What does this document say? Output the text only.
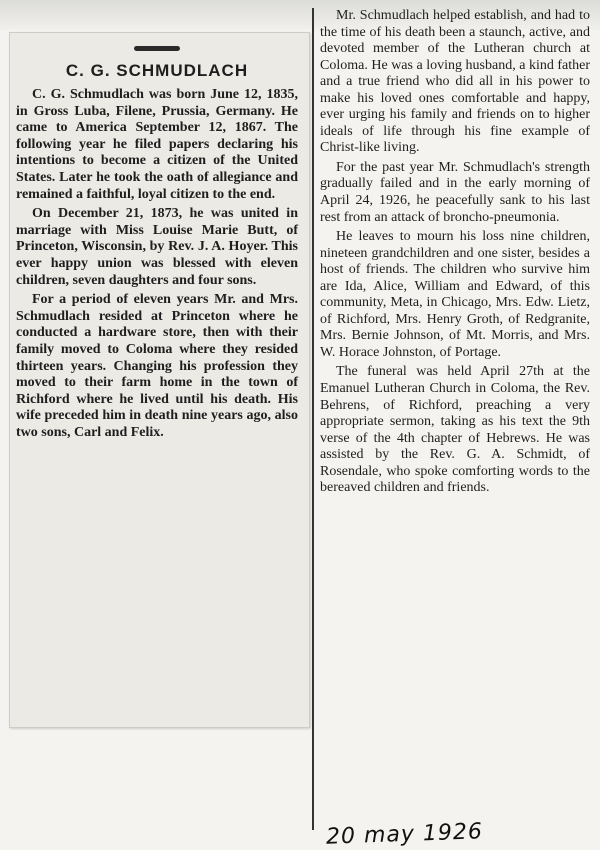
C. G. SCHMUDLACH

C. G. Schmudlach was born June 12, 1835, in Gross Luba, Filene, Prussia, Germany. He came to America September 12, 1867. The following year he filed papers declaring his intentions to become a citizen of the United States. Later he took the oath of allegiance and remained a faithful, loyal citizen to the end.

On December 21, 1873, he was united in marriage with Miss Louise Marie Butt, of Princeton, Wisconsin, by Rev. J. A. Hoyer. This ever happy union was blessed with eleven children, seven daughters and four sons.

For a period of eleven years Mr. and Mrs. Schmudlach resided at Princeton where he conducted a hardware store, then with their family moved to Coloma where they resided thirteen years. Changing his profession they moved to their farm home in the town of Richford where he lived until his death. His wife preceded him in death nine years ago, also two sons, Carl and Felix.

Mr. Schmudlach helped establish, and had to the time of his death been a staunch, active, and devoted member of the Lutheran church at Coloma. He was a loving husband, a kind father and a true friend who did all in his power to make his loved ones comfortable and happy, ever urging his family and friends on to higher ideals of life through his fine example of Christ-like living.

For the past year Mr. Schmudlach's strength gradually failed and in the early morning of April 24, 1926, he peacefully sank to his last rest from an attack of broncho-pneumonia.

He leaves to mourn his loss nine children, nineteen grandchildren and one sister, besides a host of friends. The children who survive him are Ida, Alice, William and Edward, of this community, Meta, in Chicago, Mrs. Edw. Lietz, of Richford, Mrs. Henry Groth, of Redgranite, Mrs. Bernie Johnson, of Mt. Morris, and Mrs. W. Horace Johnston, of Portage.

The funeral was held April 27th at the Emanuel Lutheran Church in Coloma, the Rev. Behrens, of Richford, preaching a very appropriate sermon, taking as his text the 9th verse of the 4th chapter of Hebrews. He was assisted by the Rev. G. A. Schmidt, of Rosendale, who spoke comforting words to the bereaved children and friends.

20 may 1926
